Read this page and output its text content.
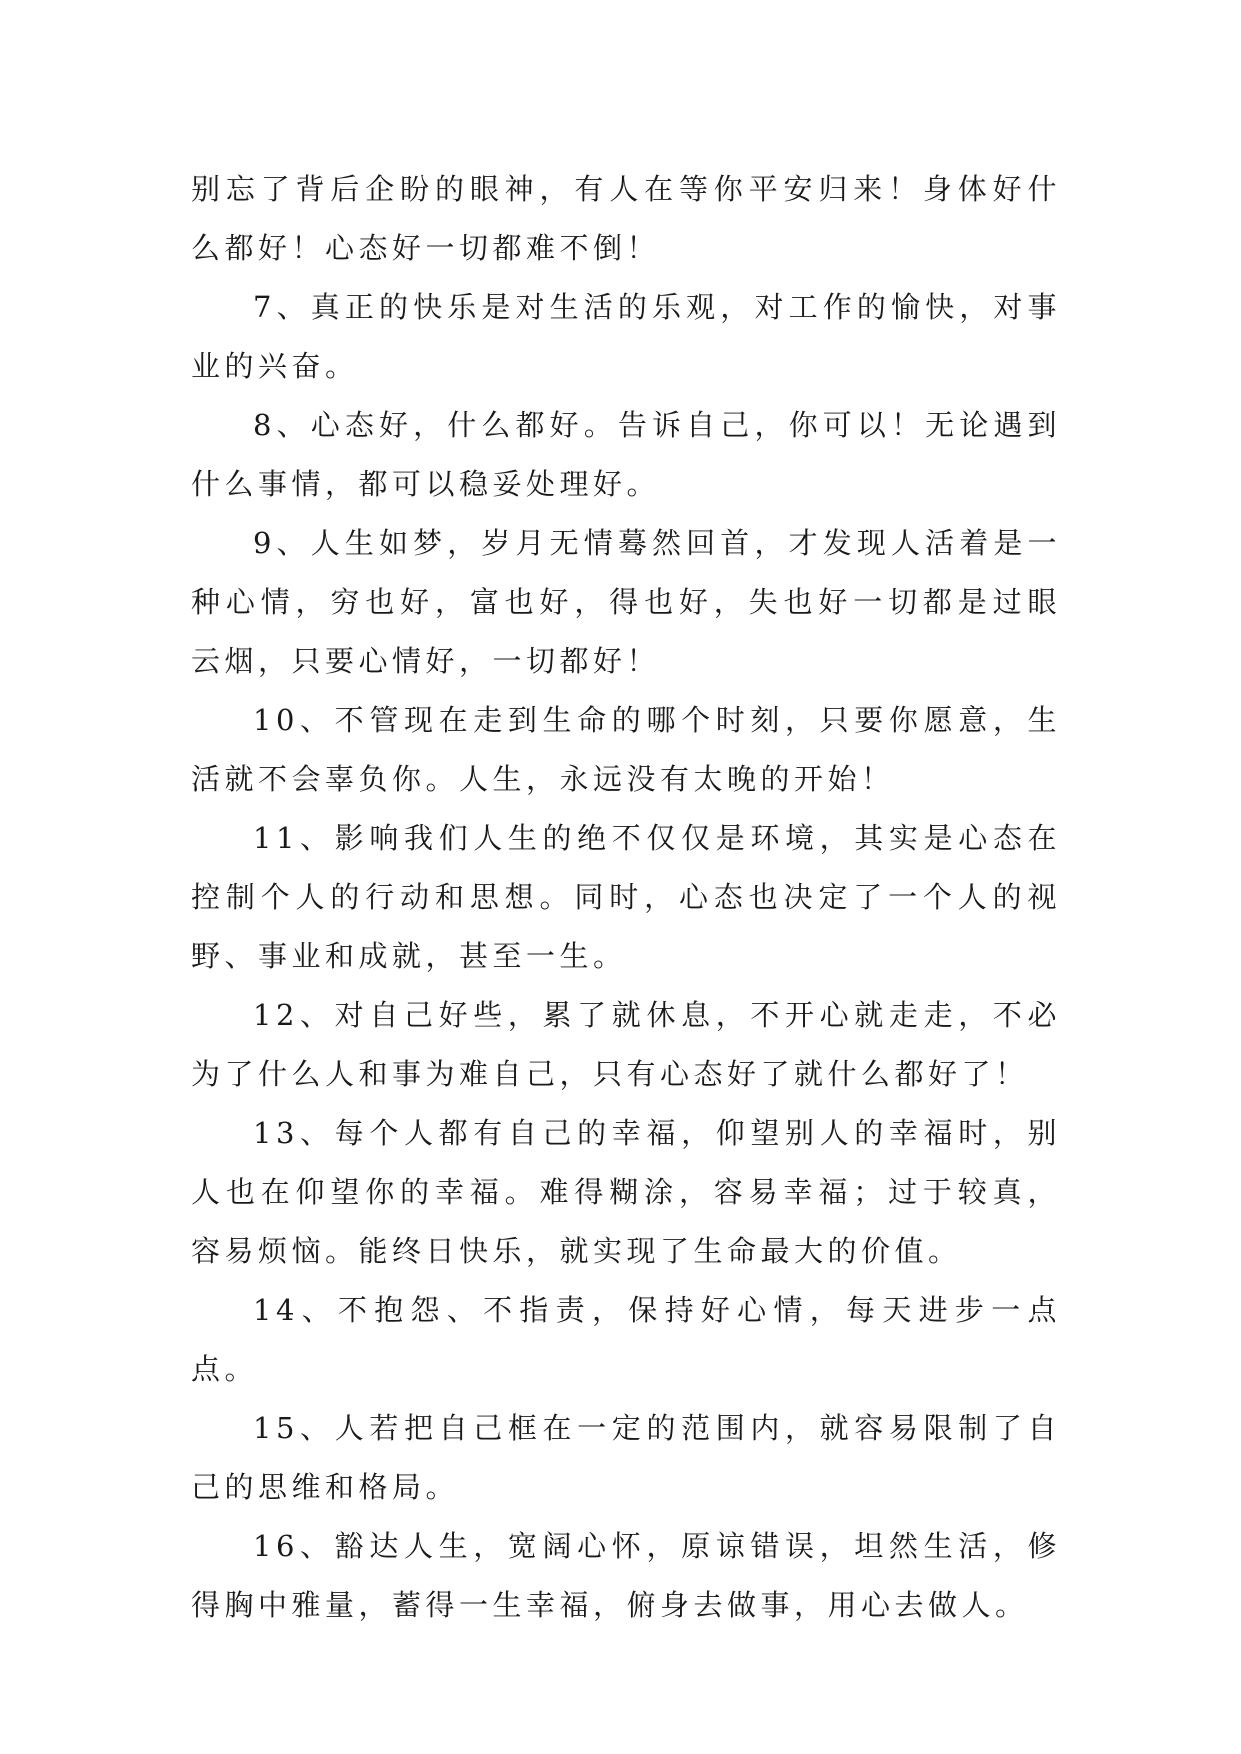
别忘了背后企盼的眼神，有人在等你平安归来！身体好什么都好！心态好一切都难不倒！

7、真正的快乐是对生活的乐观，对工作的愉快，对事业的兴奋。

8、心态好，什么都好。告诉自己，你可以！无论遇到什么事情，都可以稳妥处理好。

9、人生如梦，岁月无情蓦然回首，才发现人活着是一种心情，穷也好，富也好，得也好，失也好一切都是过眼云烟，只要心情好，一切都好！

10、不管现在走到生命的哪个时刻，只要你愿意，生活就不会辜负你。人生，永远没有太晚的开始！

11、影响我们人生的绝不仅仅是环境，其实是心态在控制个人的行动和思想。同时，心态也决定了一个人的视野、事业和成就，甚至一生。

12、对自己好些，累了就休息，不开心就走走，不必为了什么人和事为难自己，只有心态好了就什么都好了！

13、每个人都有自己的幸福，仰望别人的幸福时，别人也在仰望你的幸福。难得糊涂，容易幸福；过于较真，容易烦恼。能终日快乐，就实现了生命最大的价值。

14、不抱怨、不指责，保持好心情，每天进步一点点。

15、人若把自己框在一定的范围内，就容易限制了自己的思维和格局。

16、豁达人生，宽阔心怀，原谅错误，坦然生活，修得胸中雅量，蓄得一生幸福，俯身去做事，用心去做人。
